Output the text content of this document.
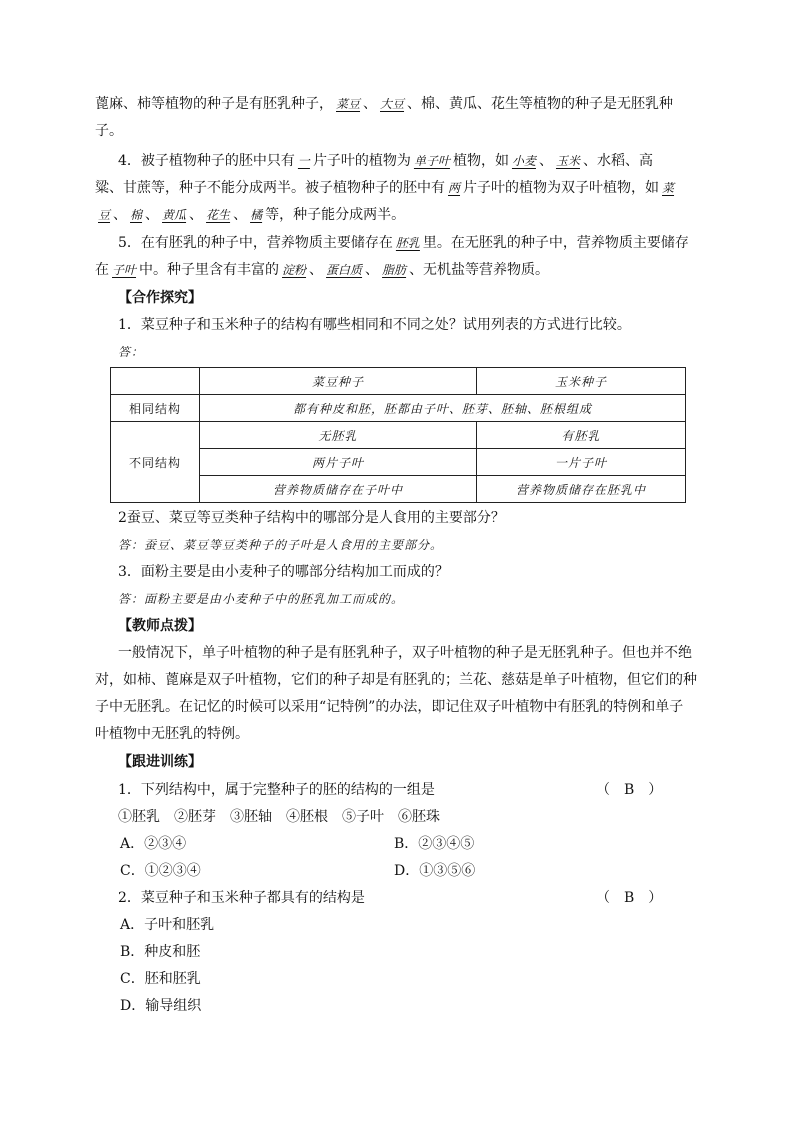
蓖麻、柿等植物的种子是有胚乳种子， 菜豆 、 大豆 、棉、黄瓜、花生等植物的种子是无胚乳种
子。
4．被子植物种子的胚中只有 一 片子叶的植物为 单子叶 植物，如 小麦 、 玉米 、水稻、高
粱、甘蔗等，种子不能分成两半。被子植物种子的胚中有 两 片子叶的植物为双子叶植物，如 菜
豆 、 棉 、 黄瓜 、 花生 、 橘 等，种子能分成两半。
5．在有胚乳的种子中，营养物质主要储存在 胚乳 里。在无胚乳的种子中，营养物质主要储存
在 子叶 中。种子里含有丰富的 淀粉 、 蛋白质 、 脂肪 、无机盐等营养物质。
【合作探究】
1．菜豆种子和玉米种子的结构有哪些相同和不同之处？试用列表的方式进行比较。
答：
	菜豆种子	玉米种子
相同结构	都有种皮和胚，胚都由子叶、胚芽、胚轴、胚根组成	
不同结构	无胚乳	有胚乳
	两片子叶	一片子叶
	营养物质储存在子叶中	营养物质储存在胚乳中
2蚕豆、菜豆等豆类种子结构中的哪部分是人食用的主要部分？
答：蚕豆、菜豆等豆类种子的子叶是人食用的主要部分。
3．面粉主要是由小麦种子的哪部分结构加工而成的？
答：面粉主要是由小麦种子中的胚乳加工而成的。
【教师点拨】
一般情况下，单子叶植物的种子是有胚乳种子，双子叶植物的种子是无胚乳种子。但也并不绝
对，如柿、蓖麻是双子叶植物，它们的种子却是有胚乳的；兰花、慈菇是单子叶植物，但它们的种
子中无胚乳。在记忆的时候可以采用“记特例”的办法，即记住双子叶植物中有胚乳的特例和单子
叶植物中无胚乳的特例。
【跟进训练】
1．下列结构中，属于完整种子的胚的结构的一组是	（　B　）
①胚乳　②胚芽　③胚轴　④胚根　⑤子叶　⑥胚珠
A．②③④	B．②③④⑤
C．①②③④	D．①③⑤⑥
2．菜豆种子和玉米种子都具有的结构是	（　B　）
A．子叶和胚乳
B．种皮和胚
C．胚和胚乳
D．输导组织
